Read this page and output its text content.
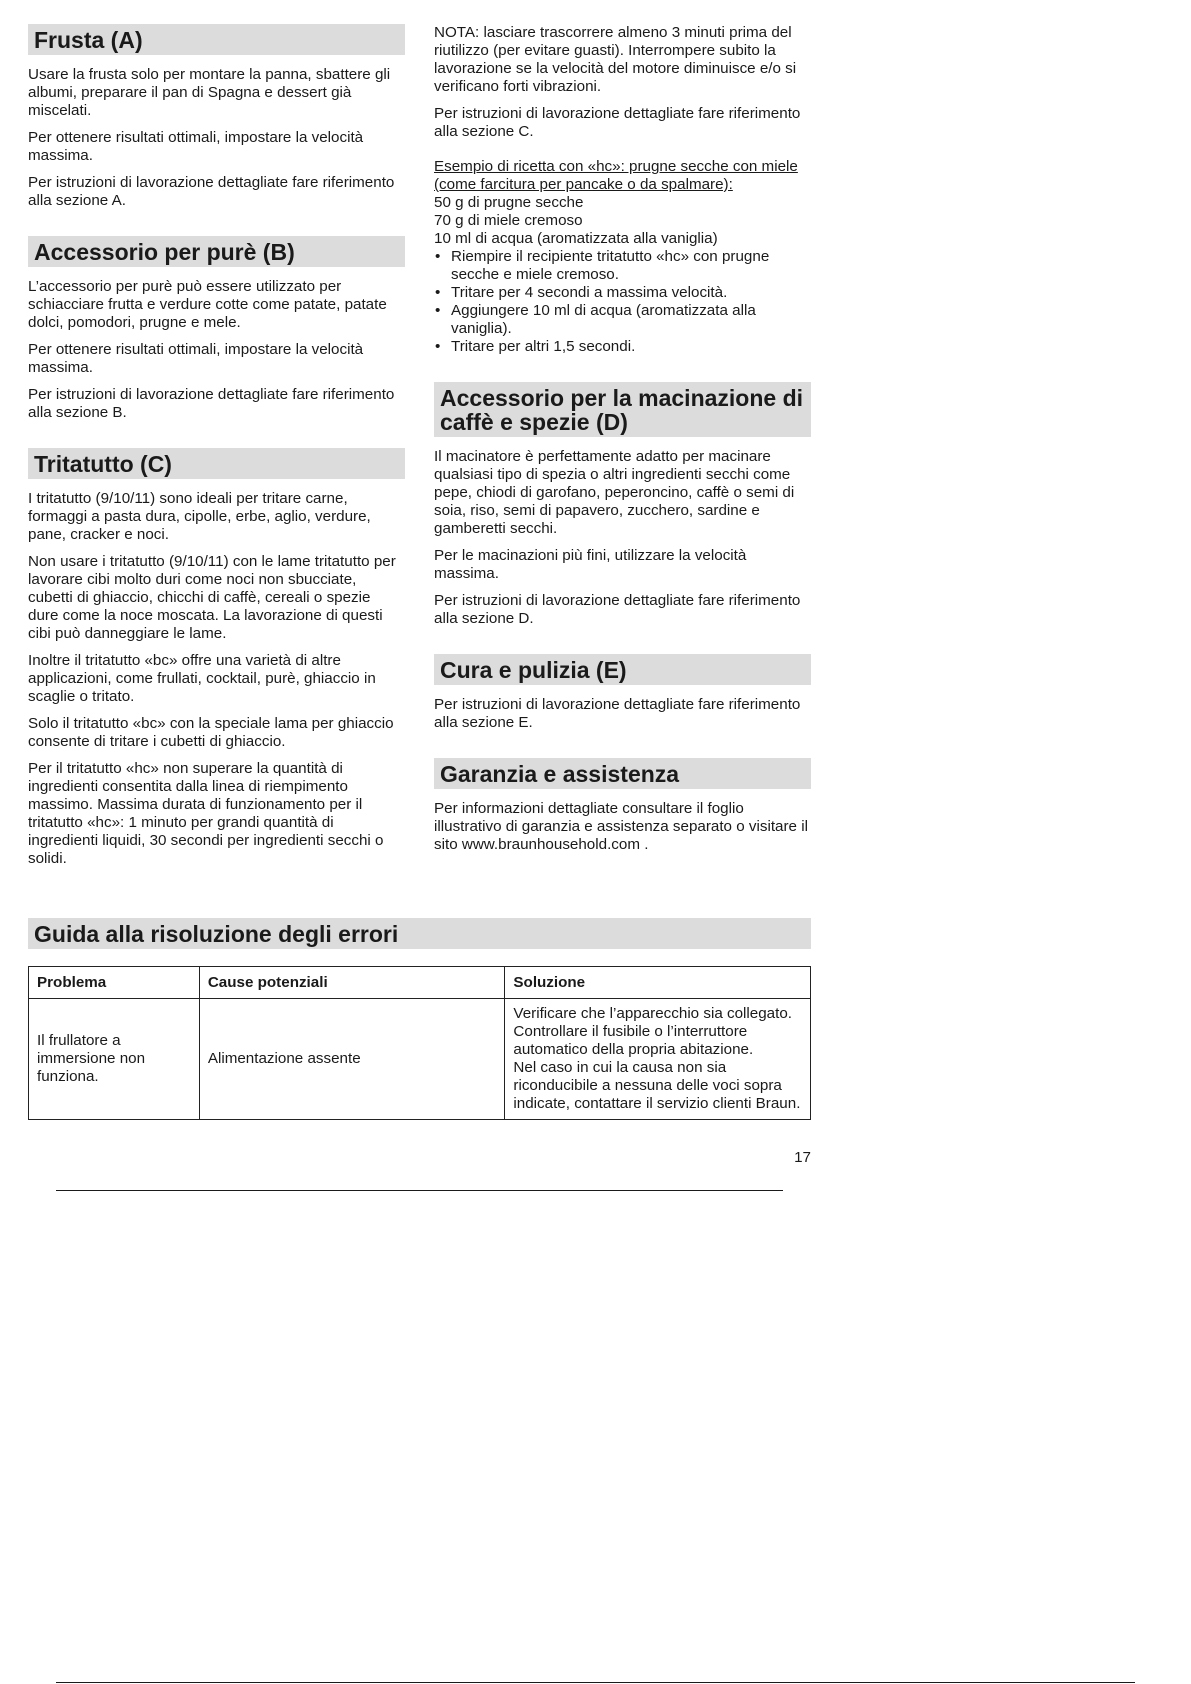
Frusta (A)

Usare la frusta solo per montare la panna, sbattere gli albumi, preparare il pan di Spagna e dessert già miscelati.

Per ottenere risultati ottimali, impostare la velocità massima.

Per istruzioni di lavorazione dettagliate fare riferimento alla sezione A.

Accessorio per purè (B)

L’accessorio per purè può essere utilizzato per schiacciare frutta e verdure cotte come patate, patate dolci, pomodori, prugne e mele.

Per ottenere risultati ottimali, impostare la velocità massima.

Per istruzioni di lavorazione dettagliate fare riferimento alla sezione B.

Tritatutto (C)

I tritatutto (9/10/11) sono ideali per tritare carne, formaggi a pasta dura, cipolle, erbe, aglio, verdure, pane, cracker e noci.

Non usare i tritatutto (9/10/11) con le lame tritatutto per lavorare cibi molto duri come noci non sbucciate, cubetti di ghiaccio, chicchi di caffè, cereali o spezie dure come la noce moscata. La lavorazione di questi cibi può danneggiare le lame.

Inoltre il tritatutto «bc» offre una varietà di altre applicazioni, come frullati, cocktail, purè, ghiaccio in scaglie o tritato.

Solo il tritatutto «bc» con la speciale lama per ghiaccio consente di tritare i cubetti di ghiaccio.

Per il tritatutto «hc» non superare la quantità di ingredienti consentita dalla linea di riempimento massimo. Massima durata di funzionamento per il tritatutto «hc»: 1 minuto per grandi quantità di ingredienti liquidi, 30 secondi per ingredienti secchi o solidi.

NOTA: lasciare trascorrere almeno 3 minuti prima del riutilizzo (per evitare guasti). Interrompere subito la lavorazione se la velocità del motore diminuisce e/o si verificano forti vibrazioni.

Per istruzioni di lavorazione dettagliate fare riferimento alla sezione C.

Esempio di ricetta con «hc»: prugne secche con miele (come farcitura per pancake o da spalmare):
50 g di prugne secche
70 g di miele cremoso
10 ml di acqua (aromatizzata alla vaniglia)
• Riempire il recipiente tritatutto «hc» con prugne secche e miele cremoso.
• Tritare per 4 secondi a massima velocità.
• Aggiungere 10 ml di acqua (aromatizzata alla vaniglia).
• Tritare per altri 1,5 secondi.
Accessorio per la macinazione di caffè e spezie (D)

Il macinatore è perfettamente adatto per macinare qualsiasi tipo di spezia o altri ingredienti secchi come pepe, chiodi di garofano, peperoncino, caffè o semi di soia, riso, semi di papavero, zucchero, sardine e gamberetti secchi.

Per le macinazioni più fini, utilizzare la velocità massima.

Per istruzioni di lavorazione dettagliate fare riferimento alla sezione D.

Cura e pulizia (E)

Per istruzioni di lavorazione dettagliate fare riferimento alla sezione E.

Garanzia e assistenza

Per informazioni dettagliate consultare il foglio illustrativo di garanzia e assistenza separato o visitare il sito www.braunhousehold.com .

Guida alla risoluzione degli errori
Problema	Cause potenziali	Soluzione
Il frullatore a immersione non funziona.	Alimentazione assente	Verificare che l’apparecchio sia collegato.
Controllare il fusibile o l’interruttore automatico della propria abitazione.
Nel caso in cui la causa non sia riconducibile a nessuna delle voci sopra indicate, contattare il servizio clienti Braun.
17
